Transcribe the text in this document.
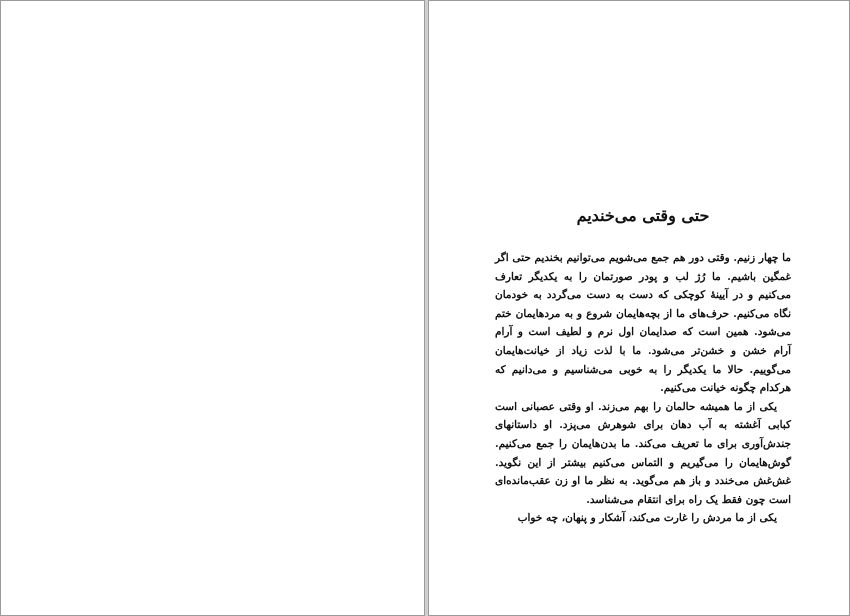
حتی وقتی می‌خندیم

ما چهار زنیم. وقتی دور هم جمع می‌شویم می‌توانیم بخندیم حتی اگر غمگین باشیم. ما رُژ لب و پودر صورتمان را به یکدیگر تعارف می‌کنیم و در آیینهٔ کوچکی که دست به دست می‌گردد به خودمان نگاه می‌کنیم. حرف‌های ما از بچه‌هایمان شروع و به مردهایمان ختم می‌شود. همین است که صدایمان اول نرم و لطیف است و آرام آرام خشن و خشن‌تر می‌شود. ما با لذت زیاد از خیانت‌هایمان می‌گوییم. حالا ما یکدیگر را به خوبی می‌شناسیم و می‌دانیم که هرکدام چگونه خیانت می‌کنیم.

یکی از ما همیشه حالمان را بهم می‌زند. او وقتی عصبانی است کبابی آغشته به آب دهان برای شوهرش می‌پزد. او داستانهای جندش‌آوری برای ما تعریف می‌کند. ما بدن‌هایمان را جمع می‌کنیم. گوش‌هایمان را می‌گیریم و التماس می‌کنیم بیشتر از این نگوید. غش‌غش می‌خندد و باز هم می‌گوید. به نظر ما او زن عقب‌مانده‌ای است چون فقط یک راه برای انتقام می‌شناسد.

یکی از ما مردش را غارت می‌کند، آشکار و پنهان، چه خواب
